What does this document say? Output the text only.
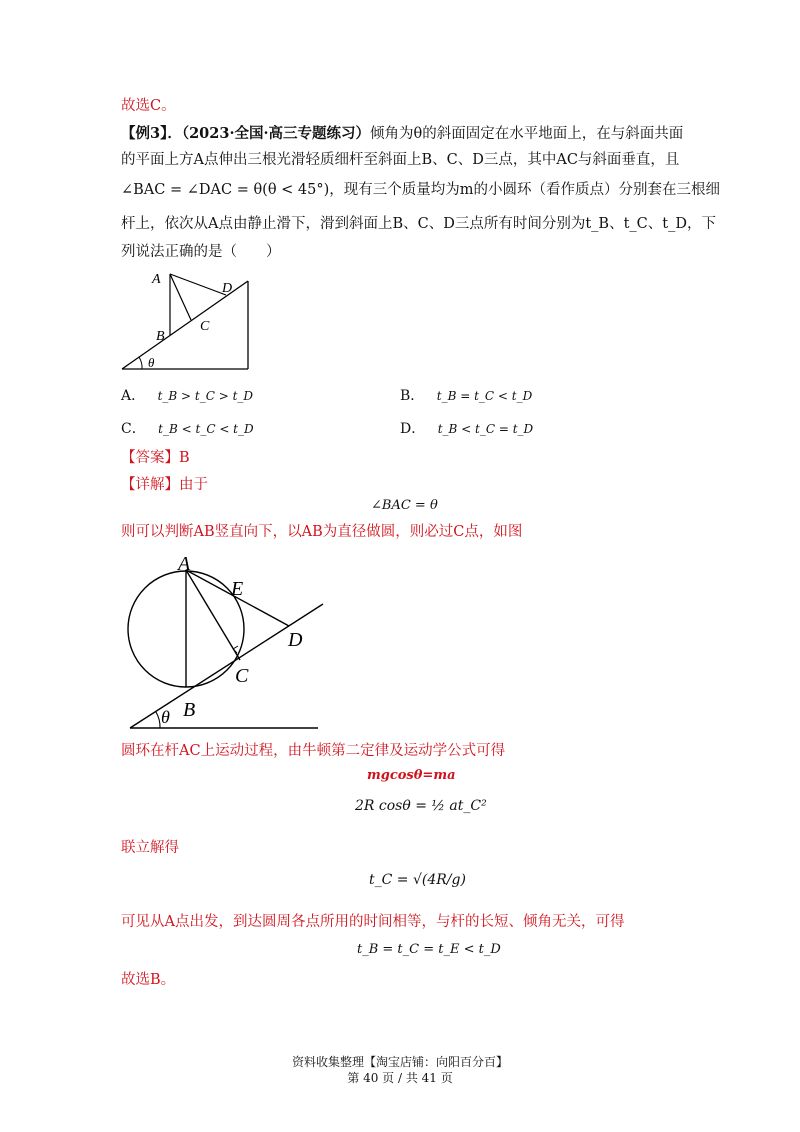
故选C。
【例3】．（2023·全国·高三专题练习）倾角为θ的斜面固定在水平地面上，在与斜面共面
的平面上方A点伸出三根光滑轻质细杆至斜面上B、C、D三点，其中AC与斜面垂直，且
∠BAC = ∠DAC = θ(θ < 45°)，现有三个质量均为m的小圆环（看作质点）分别套在三根细
杆上，依次从A点由静止滑下，滑到斜面上B、C、D三点所有时间分别为t_B、t_C、t_D，下
列说法正确的是（　　）
A
D
C
B
θ
A． t_B > t_C > t_D	B． t_B = t_C < t_D
C． t_B < t_C < t_D	D． t_B < t_C = t_D
【答案】B
【详解】由于
∠BAC = θ
则可以判断AB竖直向下，以AB为直径做圆，则必过C点，如图
A
E
D
C
B
θ
圆环在杆AC上运动过程，由牛顿第二定律及运动学公式可得
mgcosθ=ma
2R cosθ = ½ at_C²
联立解得
t_C = √(4R/g)
可见从A点出发，到达圆周各点所用的时间相等，与杆的长短、倾角无关，可得
t_B = t_C = t_E < t_D
故选B。
资料收集整理【淘宝店铺：向阳百分百】
第 40 页 / 共 41 页
